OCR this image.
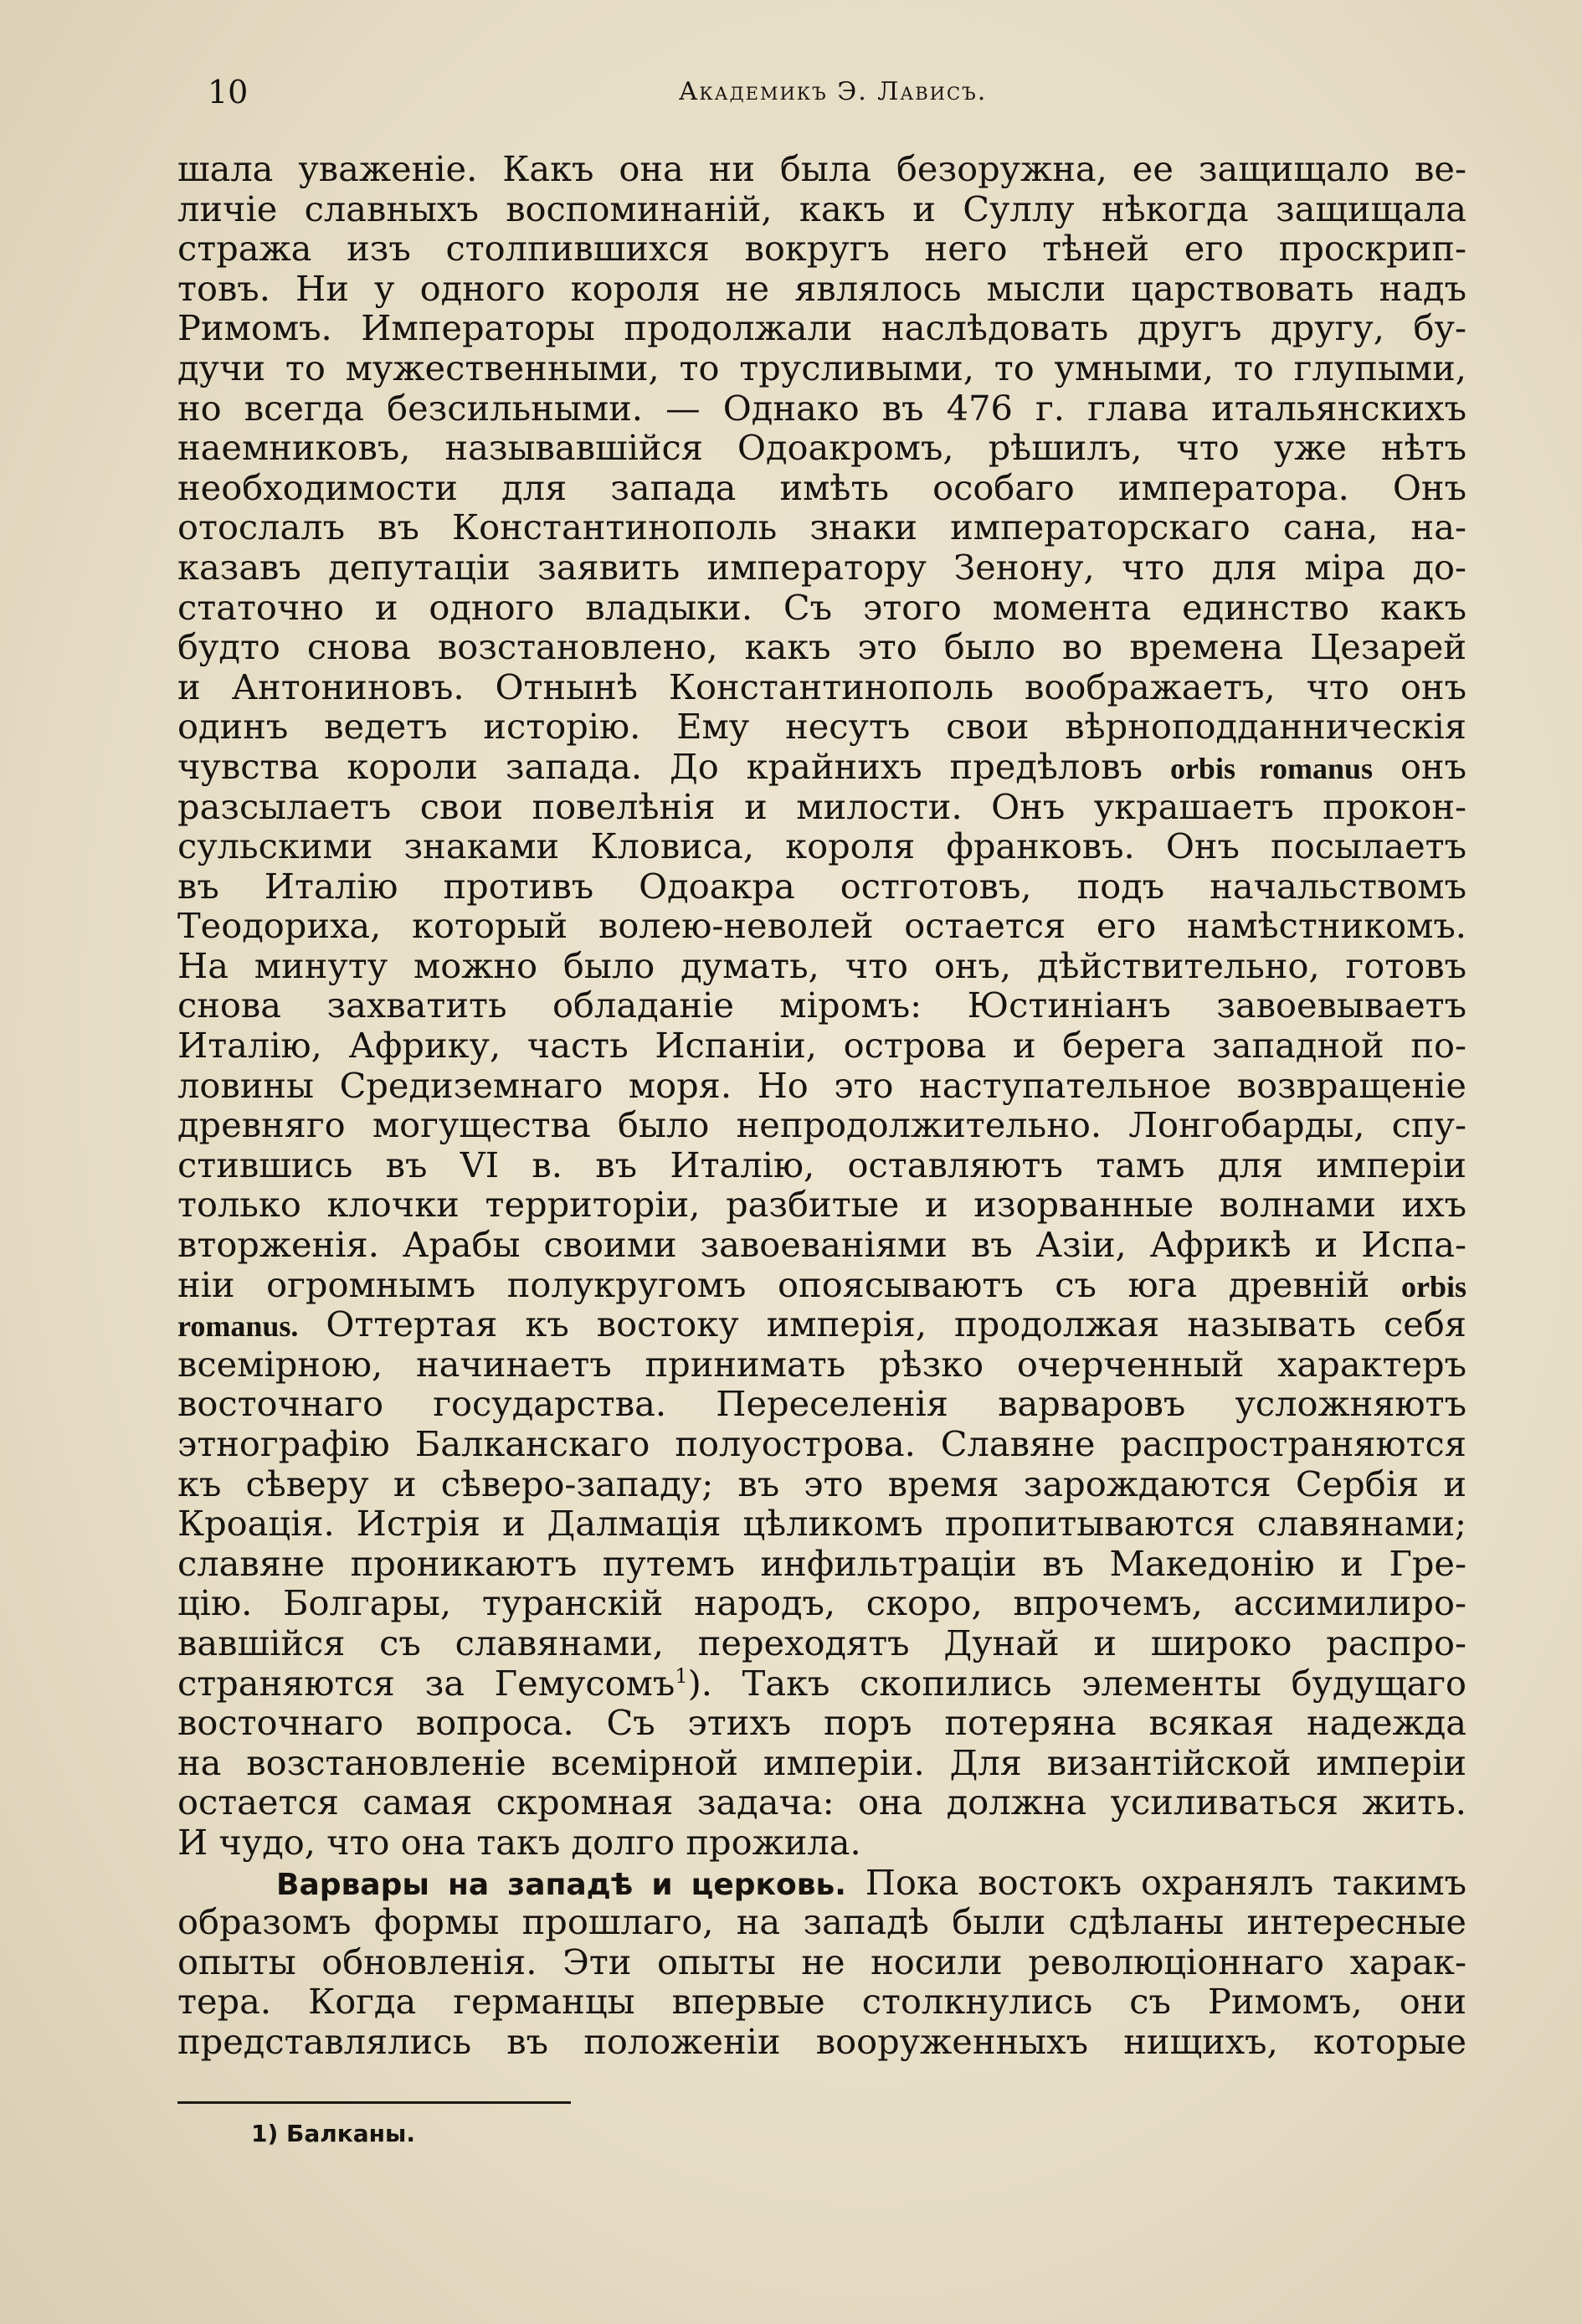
10	Академикъ Э. Лависъ.
шала уваженіе. Какъ она ни была безоружна, ее защищало ве-
личіе славныхъ воспоминаній, какъ и Суллу нѣкогда защищала
стража изъ столпившихся вокругъ него тѣней его проскрип-
товъ. Ни у одного короля не являлось мысли царствовать надъ
Римомъ. Императоры продолжали наслѣдовать другъ другу, бу-
дучи то мужественными, то трусливыми, то умными, то глупыми,
но всегда безсильными. — Однако въ 476 г. глава итальянскихъ
наемниковъ, называвшійся Одоакромъ, рѣшилъ, что уже нѣтъ
необходимости для запада имѣть особаго императора. Онъ
отослалъ въ Константинополь знаки императорскаго сана, на-
казавъ депутаціи заявить императору Зенону, что для міра до-
статочно и одного владыки. Съ этого момента единство какъ
будто снова возстановлено, какъ это было во времена Цезарей
и Антониновъ. Отнынѣ Константинополь воображаетъ, что онъ
одинъ ведетъ исторію. Ему несутъ свои вѣрноподданническія
чувства короли запада. До крайнихъ предѣловъ orbis romanus онъ
разсылаетъ свои повелѣнія и милости. Онъ украшаетъ прокон-
сульскими знаками Кловиса, короля франковъ. Онъ посылаетъ
въ Италію противъ Одоакра остготовъ, подъ начальствомъ
Теодориха, который волею-неволей остается его намѣстникомъ.
На минуту можно было думать, что онъ, дѣйствительно, готовъ
снова захватить обладаніе міромъ: Юстиніанъ завоевываетъ
Италію, Африку, часть Испаніи, острова и берега западной по-
ловины Средиземнаго моря. Но это наступательное возвращеніе
древняго могущества было непродолжительно. Лонгобарды, спу-
стившись въ VI в. въ Италію, оставляютъ тамъ для имперіи
только клочки территоріи, разбитые и изорванные волнами ихъ
вторженія. Арабы своими завоеваніями въ Азіи, Африкѣ и Испа-
ніи огромнымъ полукругомъ опоясываютъ съ юга древній orbis
romanus. Оттертая къ востоку имперія, продолжая называть себя
всемірною, начинаетъ принимать рѣзко очерченный характеръ
восточнаго государства. Переселенія варваровъ усложняютъ
этнографію Балканскаго полуострова. Славяне распространяются
къ сѣверу и сѣверо-западу; въ это время зарождаются Сербія и
Кроація. Истрія и Далмація цѣликомъ пропитываются славянами;
славяне проникаютъ путемъ инфильтраціи въ Македонію и Гре-
цію. Болгары, туранскій народъ, скоро, впрочемъ, ассимилиро-
вавшійся съ славянами, переходятъ Дунай и широко распро-
страняются за Гемусомъ$^1$). Такъ скопились элементы будущаго
восточнаго вопроса. Съ этихъ поръ потеряна всякая надежда
на возстановленіе всемірной имперіи. Для византійской имперіи
остается самая скромная задача: она должна усиливаться жить.
И чудо, что она такъ долго прожила.
Варвары на западѣ и церковь. Пока востокъ охранялъ такимъ
образомъ формы прошлаго, на западѣ были сдѣланы интересные
опыты обновленія. Эти опыты не носили революціоннаго харак-
тера. Когда германцы впервые столкнулись съ Римомъ, они
представлялись въ положеніи вооруженныхъ нищихъ, которые
1) Балканы.
